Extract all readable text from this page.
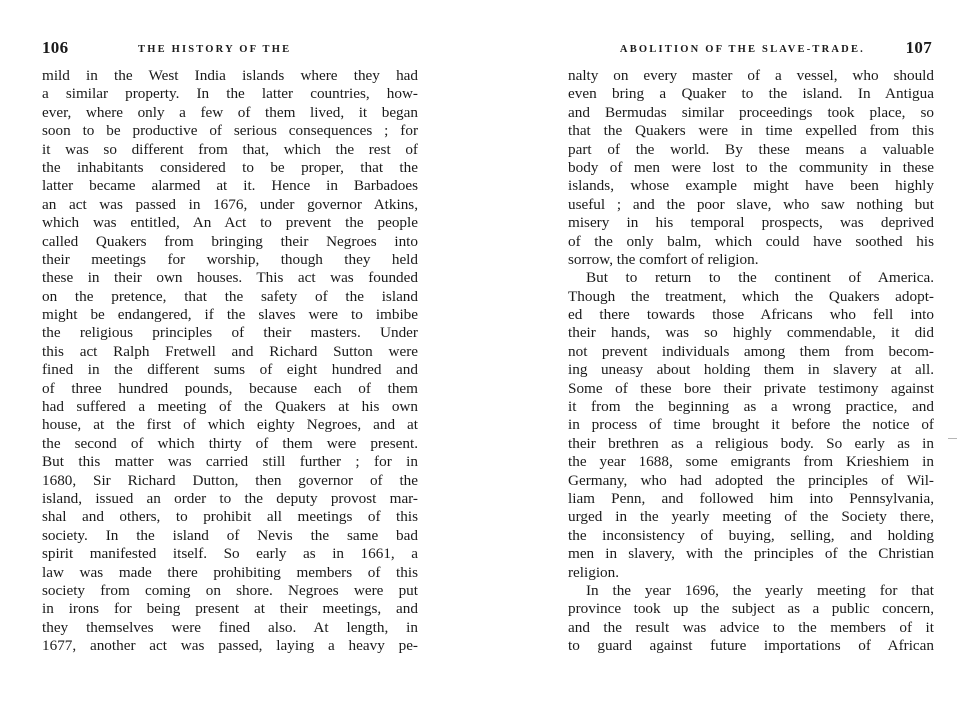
106	THE HISTORY OF THE
mild in the West India islands where they had
a similar property. In the latter countries, how-
ever, where only a few of them lived, it began
soon to be productive of serious consequences ; for
it was so different from that, which the rest of
the inhabitants considered to be proper, that the
latter became alarmed at it. Hence in Barbadoes
an act was passed in 1676, under governor Atkins,
which was entitled, An Act to prevent the people
called Quakers from bringing their Negroes into
their meetings for worship, though they held
these in their own houses. This act was founded
on the pretence, that the safety of the island
might be endangered, if the slaves were to imbibe
the religious principles of their masters. Under
this act Ralph Fretwell and Richard Sutton were
fined in the different sums of eight hundred and
of three hundred pounds, because each of them
had suffered a meeting of the Quakers at his own
house, at the first of which eighty Negroes, and at
the second of which thirty of them were present.
But this matter was carried still further ; for in
1680, Sir Richard Dutton, then governor of the
island, issued an order to the deputy provost mar-
shal and others, to prohibit all meetings of this
society. In the island of Nevis the same bad
spirit manifested itself. So early as in 1661, a
law was made there prohibiting members of this
society from coming on shore. Negroes were put
in irons for being present at their meetings, and
they themselves were fined also. At length, in
1677, another act was passed, laying a heavy pe-
ABOLITION OF THE SLAVE-TRADE. 107
nalty on every master of a vessel, who should
even bring a Quaker to the island. In Antigua
and Bermudas similar proceedings took place, so
that the Quakers were in time expelled from this
part of the world. By these means a valuable
body of men were lost to the community in these
islands, whose example might have been highly
useful ; and the poor slave, who saw nothing but
misery in his temporal prospects, was deprived
of the only balm, which could have soothed his
sorrow, the comfort of religion.
But to return to the continent of America.
Though the treatment, which the Quakers adopt-
ed there towards those Africans who fell into
their hands, was so highly commendable, it did
not prevent individuals among them from becom-
ing uneasy about holding them in slavery at all.
Some of these bore their private testimony against
it from the beginning as a wrong practice, and
in process of time brought it before the notice of
their brethren as a religious body. So early as in
the year 1688, some emigrants from Krieshiem in
Germany, who had adopted the principles of Wil-
liam Penn, and followed him into Pennsylvania,
urged in the yearly meeting of the Society there,
the inconsistency of buying, selling, and holding
men in slavery, with the principles of the Christian
religion.
In the year 1696, the yearly meeting for that
province took up the subject as a public concern,
and the result was advice to the members of it
to guard against future importations of African
